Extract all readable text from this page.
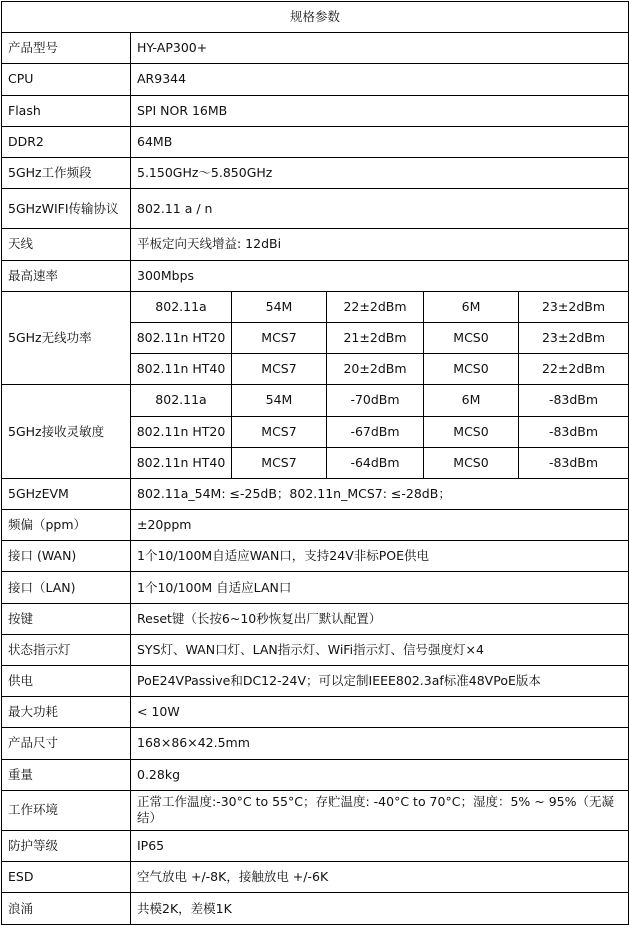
规格参数					
产品型号	HY-AP300+				
CPU	AR9344				
Flash	SPI NOR 16MB				
DDR2	64MB				
5GHz工作频段	5.150GHz～5.850GHz				
5GHzWIFI传输协议	802.11 a / n				
天线	平板定向天线增益: 12dBi				
最高速率	300Mbps				
5GHz无线功率	802.11a	54M	22±2dBm	6M	23±2dBm
	802.11n HT20	MCS7	21±2dBm	MCS0	23±2dBm
	802.11n HT40	MCS7	20±2dBm	MCS0	22±2dBm
5GHz接收灵敏度	802.11a	54M	-70dBm	6M	-83dBm
	802.11n HT20	MCS7	-67dBm	MCS0	-83dBm
	802.11n HT40	MCS7	-64dBm	MCS0	-83dBm
5GHzEVM	802.11a_54M: ≤-25dB；802.11n_MCS7: ≤-28dB；				
频偏（ppm）	±20ppm				
接口 (WAN)	1个10/100M自适应WAN口，支持24V非标POE供电				
接口（LAN)	1个10/100M 自适应LAN口				
按键	Reset键（长按6~10秒恢复出厂默认配置）				
状态指示灯	SYS灯、WAN口灯、LAN指示灯、WiFi指示灯、信号强度灯×4				
供电	PoE24VPassive和DC12-24V；可以定制IEEE802.3af标准48VPoE版本				
最大功耗	< 10W				
产品尺寸	168×86×42.5mm				
重量	0.28kg				
工作环境	正常工作温度:-30°C to 55°C；存贮温度: -40°C to 70°C；湿度：5% ~ 95%（无凝结）				
防护等级	IP65				
ESD	空气放电 +/-8K，接触放电 +/-6K				
浪涌	共模2K，差模1K				
